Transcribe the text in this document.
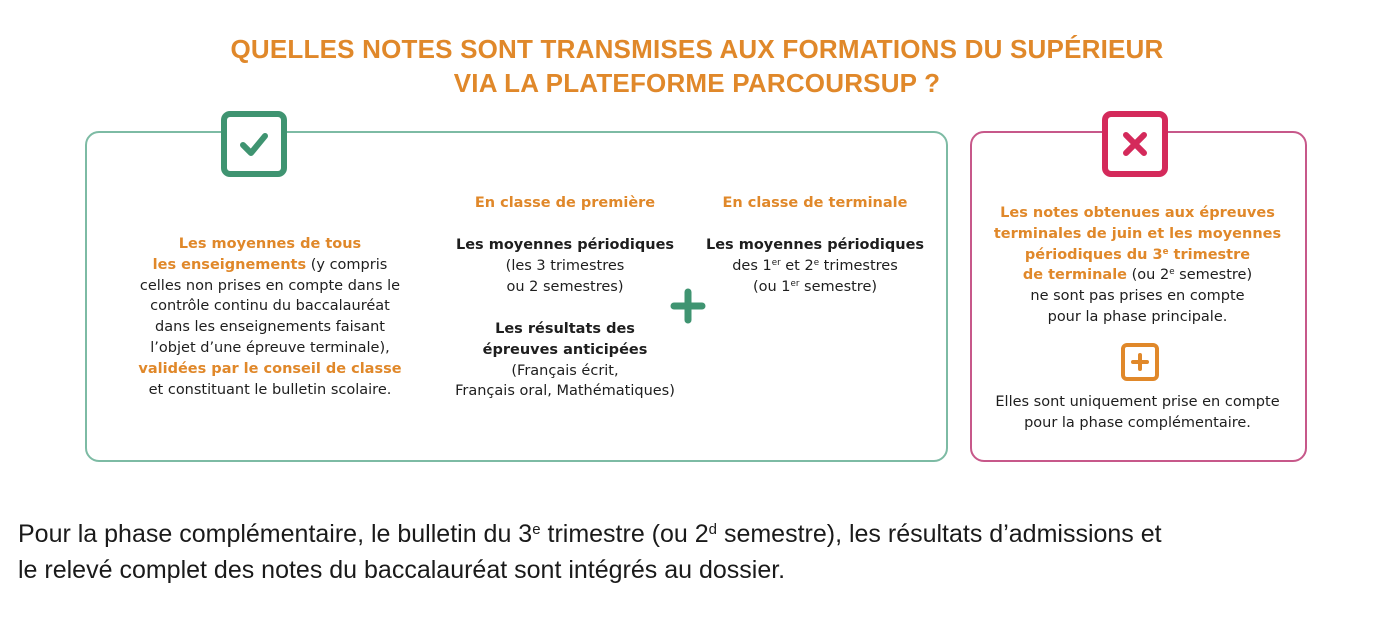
QUELLES NOTES SONT TRANSMISES AUX FORMATIONS DU SUPÉRIEUR
VIA LA PLATEFORME PARCOURSUP ?
Les moyennes de tous
les enseignements (y compris
celles non prises en compte dans le
contrôle continu du baccalauréat
dans les enseignements faisant
l’objet d’une épreuve terminale),
validées par le conseil de classe
et constituant le bulletin scolaire.
En classe de première
Les moyennes périodiques
(les 3 trimestres
ou 2 semestres)
Les résultats des
épreuves anticipées
(Français écrit,
Français oral, Mathématiques)
En classe de terminale
Les moyennes périodiques
des 1er et 2e trimestres
(ou 1er semestre)
Les notes obtenues aux épreuves
terminales de juin et les moyennes
périodiques du 3e trimestre
de terminale (ou 2e semestre)
ne sont pas prises en compte
pour la phase principale.
Elles sont uniquement prise en compte
pour la phase complémentaire.
Pour la phase complémentaire, le bulletin du 3e trimestre (ou 2$^d$ semestre), les résultats d’admissions et
le relevé complet des notes du baccalauréat sont intégrés au dossier.
